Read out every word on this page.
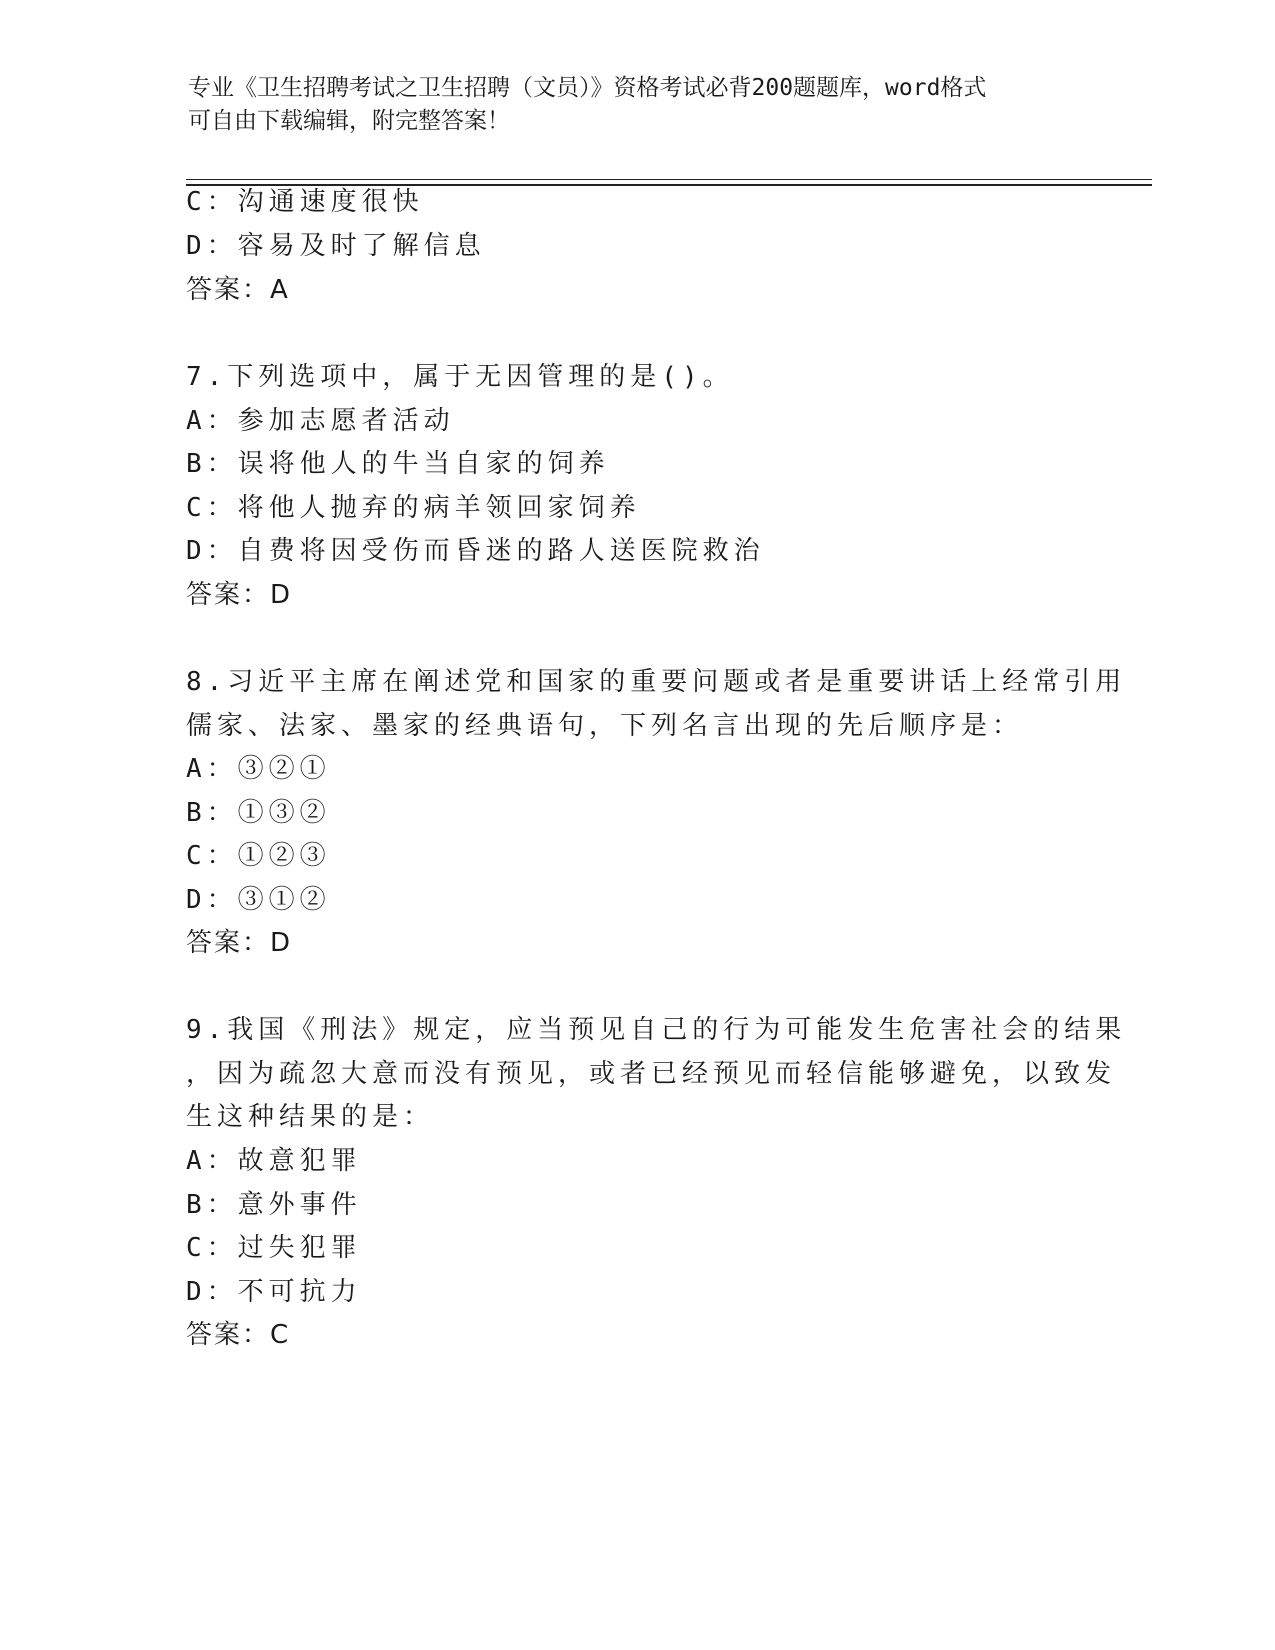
专业《卫生招聘考试之卫生招聘（文员）》资格考试必背200题题库，word格式
可自由下载编辑，附完整答案！
C：沟通速度很快
D：容易及时了解信息
答案：A
7.下列选项中，属于无因管理的是()。
A：参加志愿者活动
B：误将他人的牛当自家的饲养
C：将他人抛弃的病羊领回家饲养
D：自费将因受伤而昏迷的路人送医院救治
答案：D
8.习近平主席在阐述党和国家的重要问题或者是重要讲话上经常引用
儒家、法家、墨家的经典语句，下列名言出现的先后顺序是：
A：③②①
B：①③②
C：①②③
D：③①②
答案：D
9.我国《刑法》规定，应当预见自己的行为可能发生危害社会的结果
，因为疏忽大意而没有预见，或者已经预见而轻信能够避免，以致发
生这种结果的是：
A：故意犯罪
B：意外事件
C：过失犯罪
D：不可抗力
答案：C
